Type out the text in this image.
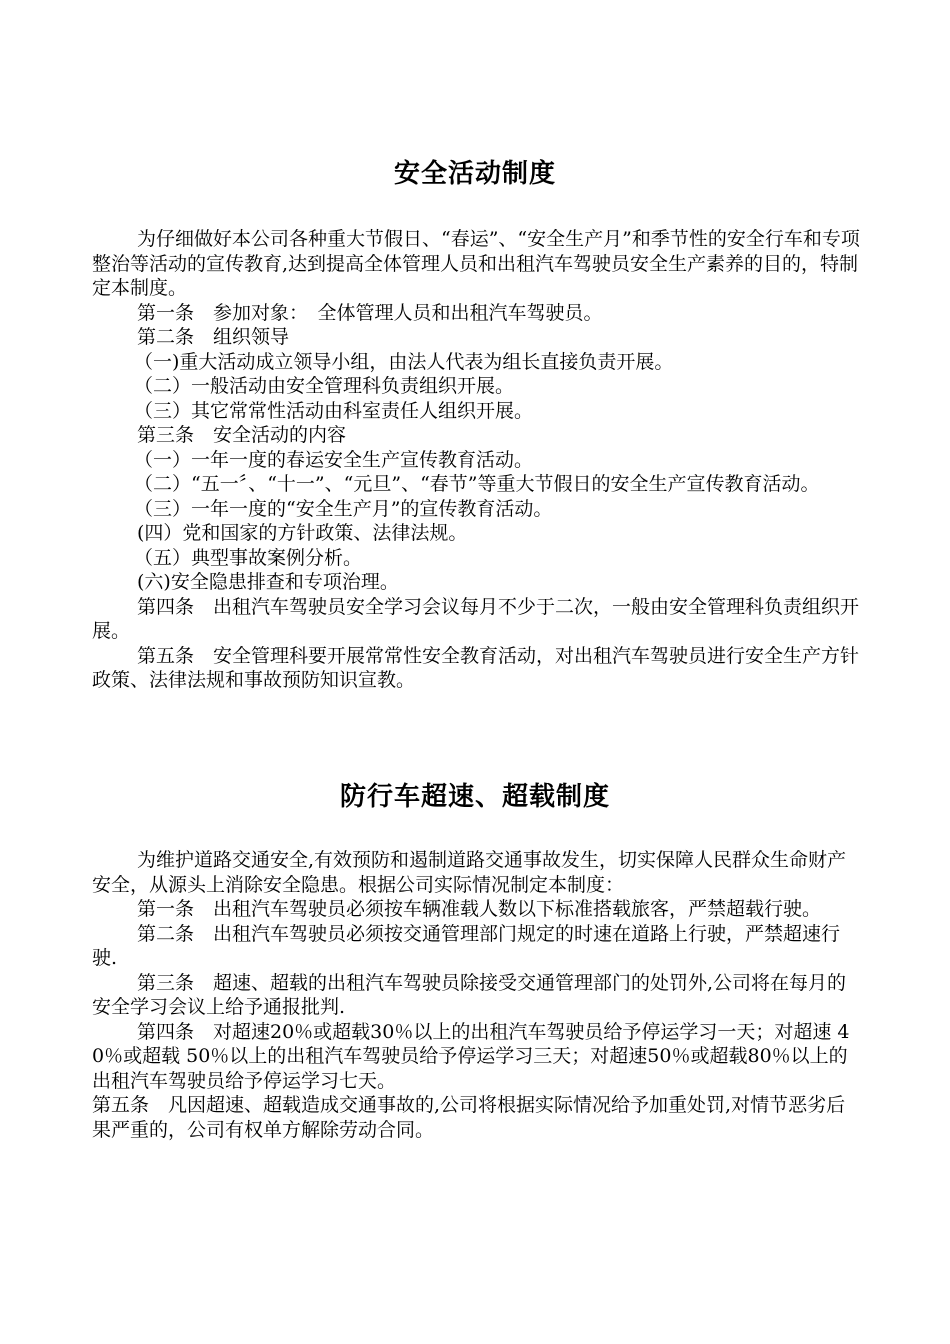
安全活动制度

为仔细做好本公司各种重大节假日、“春运”、“安全生产月”和季节性的安全行车和专项整治等活动的宣传教育,达到提高全体管理人员和出租汽车驾驶员安全生产素养的目的，特制定本制度。

第一条　参加对象：　全体管理人员和出租汽车驾驶员。

第二条　组织领导

（一)重大活动成立领导小组，由法人代表为组长直接负责开展。

（二）一般活动由安全管理科负责组织开展。

（三）其它常常性活动由科室责任人组织开展。

第三条　安全活动的内容

（一）一年一度的春运安全生产宣传教育活动。

（二）“五一〞、“十一”、“元旦”、“春节”等重大节假日的安全生产宣传教育活动。

（三）一年一度的“安全生产月”的宣传教育活动。

(四）党和国家的方针政策、法律法规。

（五）典型事故案例分析。

(六)安全隐患排查和专项治理。

第四条　出租汽车驾驶员安全学习会议每月不少于二次，一般由安全管理科负责组织开展。

第五条　安全管理科要开展常常性安全教育活动，对出租汽车驾驶员进行安全生产方针政策、法律法规和事故预防知识宣教。

防行车超速、超载制度

为维护道路交通安全,有效预防和遏制道路交通事故发生，切实保障人民群众生命财产安全，从源头上消除安全隐患。根据公司实际情况制定本制度：

第一条　出租汽车驾驶员必须按车辆准载人数以下标准搭载旅客，严禁超载行驶。

第二条　出租汽车驾驶员必须按交通管理部门规定的时速在道路上行驶，严禁超速行驶.

第三条　超速、超载的出租汽车驾驶员除接受交通管理部门的处罚外,公司将在每月的安全学习会议上给予通报批判.

第四条　对超速20％或超载30％以上的出租汽车驾驶员给予停运学习一天；对超速 40％或超载 50％以上的出租汽车驾驶员给予停运学习三天；对超速50％或超载80％以上的出租汽车驾驶员给予停运学习七天。

第五条　凡因超速、超载造成交通事故的,公司将根据实际情况给予加重处罚,对情节恶劣后果严重的，公司有权单方解除劳动合同。
